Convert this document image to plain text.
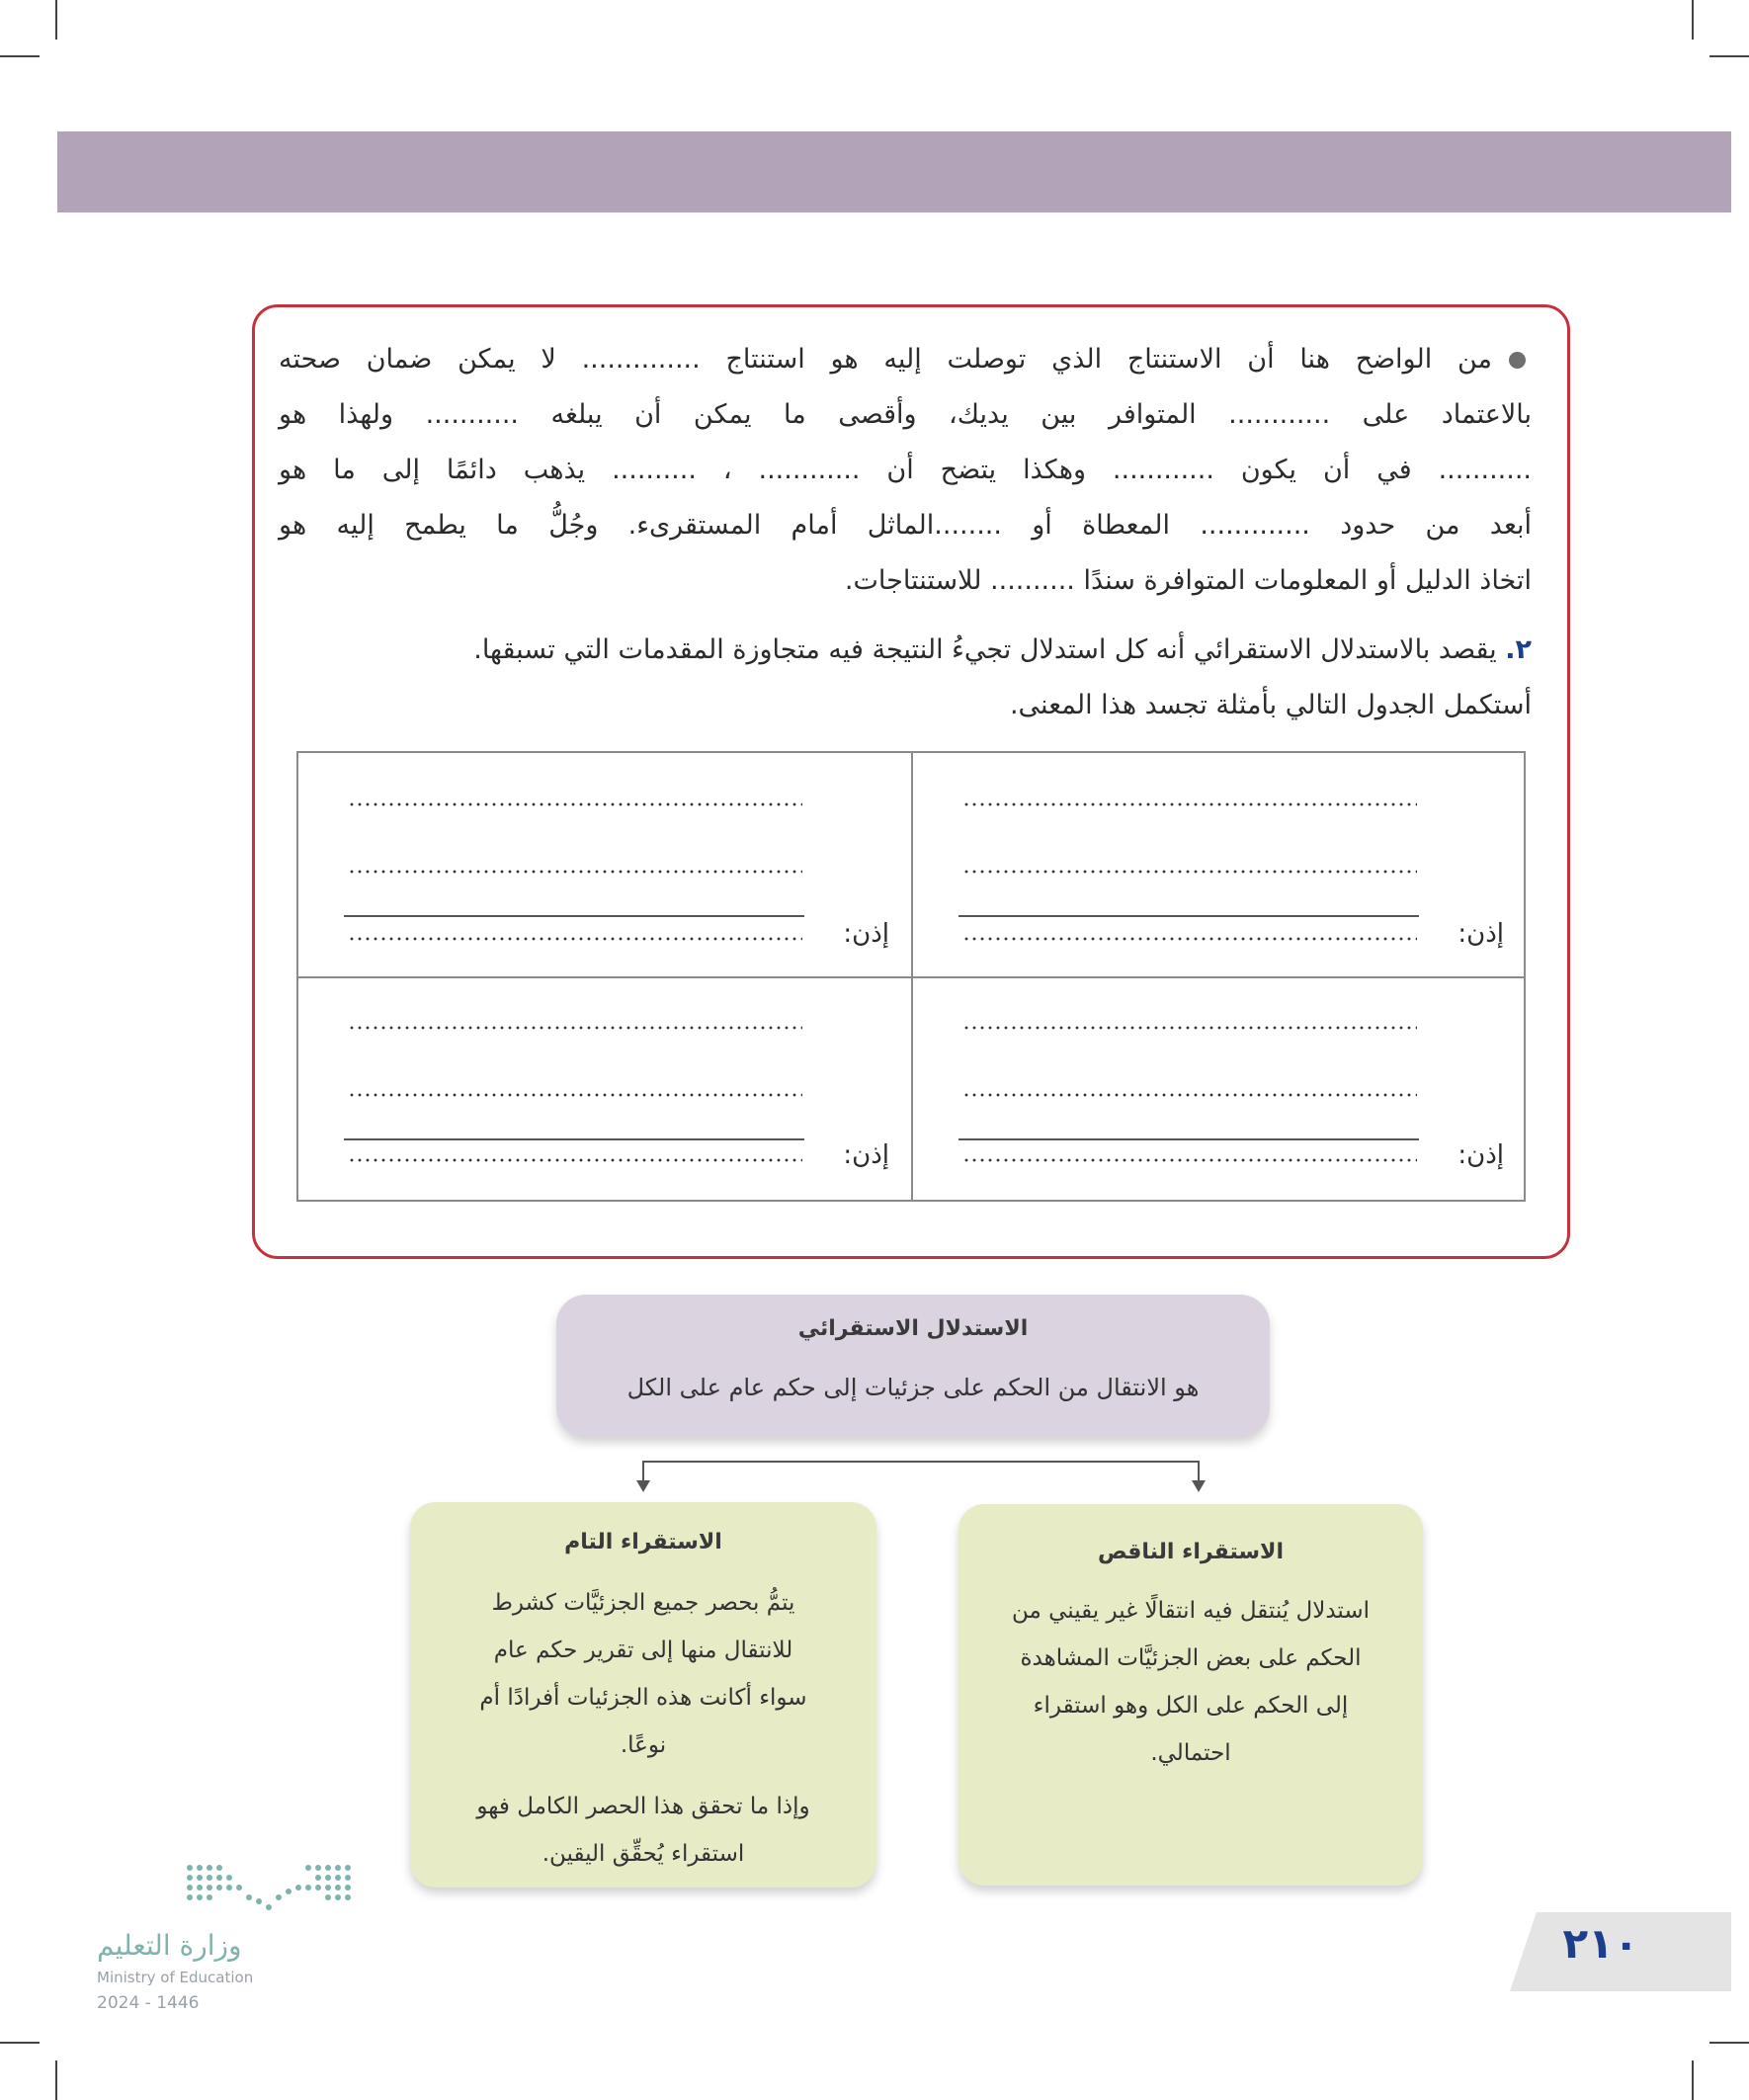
من الواضح هنا أن الاستنتاج الذي توصلت إليه هو استنتاج .............. لا يمكن ضمان صحته
بالاعتماد على ............ المتوافر بين يديك، وأقصى ما يمكن أن يبلغه ........... ولهذا هو
........... في أن يكون ............ وهكذا يتضح أن ............ ، .......... يذهب دائمًا إلى ما هو
أبعد من حدود ............. المعطاة أو ........الماثل أمام المستقرىء. وجُلُّ ما يطمح إليه هو
اتخاذ الدليل أو المعلومات المتوافرة سندًا .......... للاستنتاجات.
٢. يقصد بالاستدلال الاستقرائي أنه كل استدلال تجيءُ النتيجة فيه متجاوزة المقدمات التي تسبقها.
أستكمل الجدول التالي بأمثلة تجسد هذا المعنى.
إذن:
إذن:
إذن:
إذن:
الاستدلال الاستقرائي
هو الانتقال من الحكم على جزئيات إلى حكم عام على الكل
الاستقراء الناقص
استدلال يُنتقل فيه انتقالًا غير يقيني من
الحكم على بعض الجزئيَّات المشاهدة
إلى الحكم على الكل وهو استقراء
احتمالي.
الاستقراء التام
يتمُّ بحصر جميع الجزئيَّات كشرط
للانتقال منها إلى تقرير حكم عام
سواء أكانت هذه الجزئيات أفرادًا أم
نوعًا.
وإذا ما تحقق هذا الحصر الكامل فهو
استقراء يُحقِّق اليقين.
٢١٠
وزارة التعليم
Ministry of Education
2024 - 1446
